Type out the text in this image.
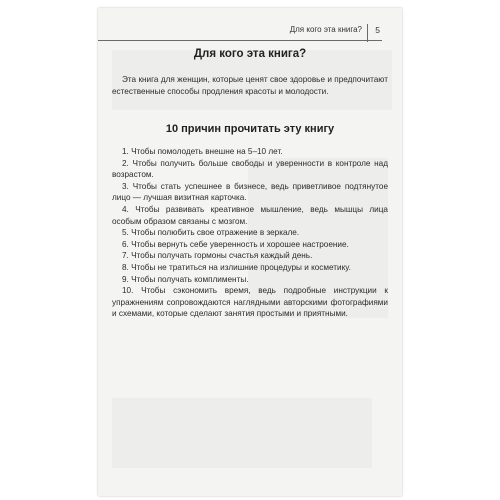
Для кого эта книга? 5
Для кого эта книга?

Эта книга для женщин, которые ценят свое здоровье и предпочитают естественные способы продления красоты и молодости.

10 причин прочитать эту книгу
1. Чтобы помолодеть внешне на 5–10 лет.
2. Чтобы получить больше свободы и уверенности в контроле над возрастом.
3. Чтобы стать успешнее в бизнесе, ведь приветливое подтянутое лицо — лучшая визитная карточка.
4. Чтобы развивать креативное мышление, ведь мышцы лица особым образом связаны с мозгом.
5. Чтобы полюбить свое отражение в зеркале.
6. Чтобы вернуть себе уверенность и хорошее настроение.
7. Чтобы получать гормоны счастья каждый день.
8. Чтобы не тратиться на излишние процедуры и косметику.
9. Чтобы получать комплименты.
10. Чтобы сэкономить время, ведь подробные инструкции к упражнениям сопровождаются наглядными авторскими фотографиями и схемами, которые сделают занятия простыми и приятными.
